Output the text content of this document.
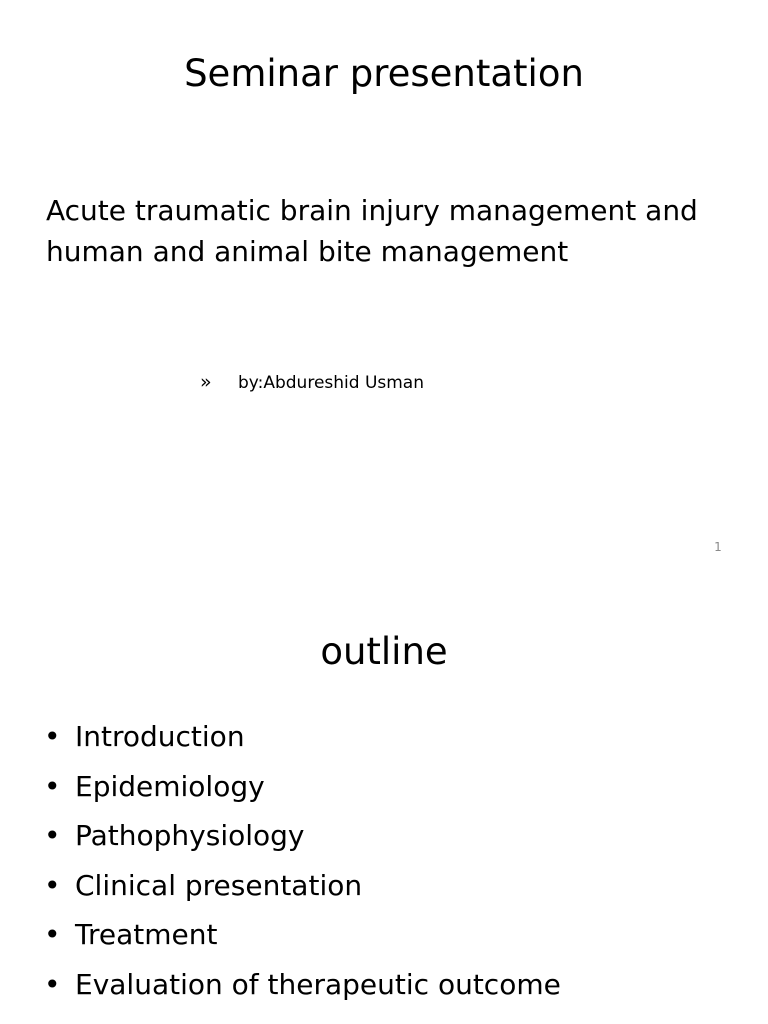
Seminar presentation
Acute traumatic brain injury management and
human and animal bite management
» by:Abdureshid Usman
1
outline
• Introduction
• Epidemiology
• Pathophysiology
• Clinical presentation
• Treatment
• Evaluation of therapeutic outcome
